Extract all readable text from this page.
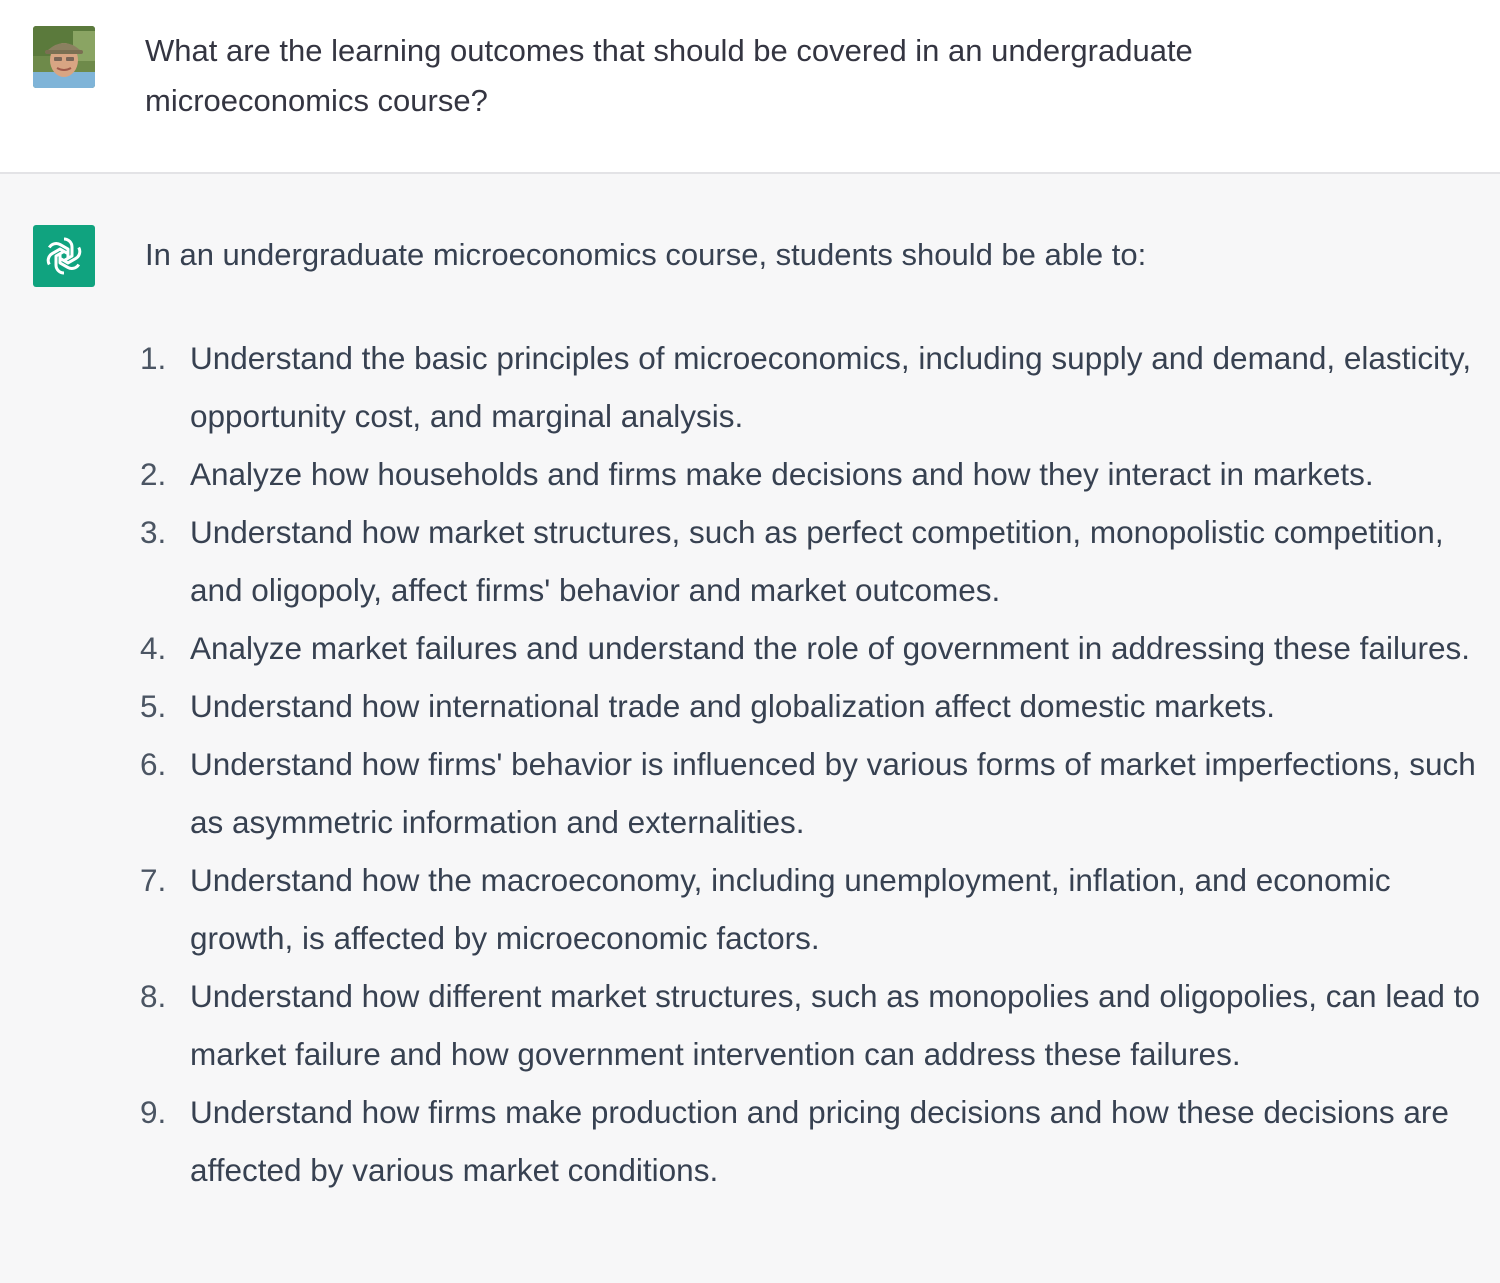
What are the learning outcomes that should be covered in an undergraduate microeconomics course?

In an undergraduate microeconomics course, students should be able to:

1. Understand the basic principles of microeconomics, including supply and demand, elasticity, opportunity cost, and marginal analysis.
2. Analyze how households and firms make decisions and how they interact in markets.
3. Understand how market structures, such as perfect competition, monopolistic competition, and oligopoly, affect firms' behavior and market outcomes.
4. Analyze market failures and understand the role of government in addressing these failures.
5. Understand how international trade and globalization affect domestic markets.
6. Understand how firms' behavior is influenced by various forms of market imperfections, such as asymmetric information and externalities.
7. Understand how the macroeconomy, including unemployment, inflation, and economic growth, is affected by microeconomic factors.
8. Understand how different market structures, such as monopolies and oligopolies, can lead to market failure and how government intervention can address these failures.
9. Understand how firms make production and pricing decisions and how these decisions are affected by various market conditions.
